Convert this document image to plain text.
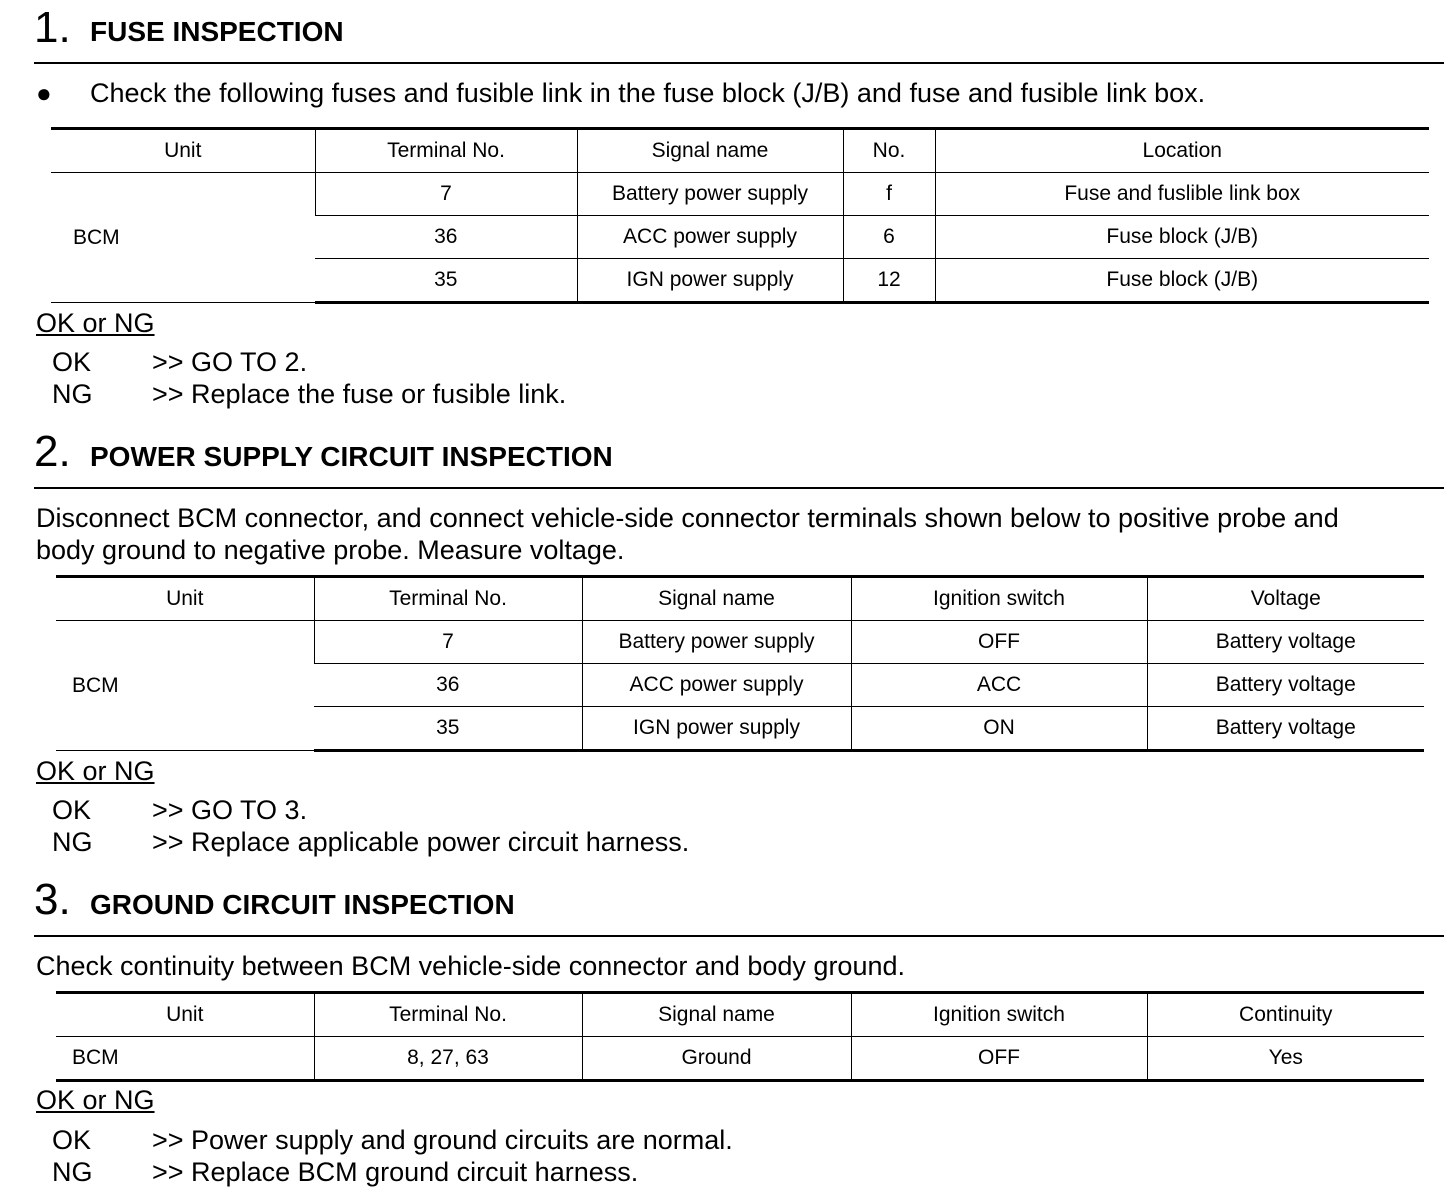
1. FUSE INSPECTION
● Check the following fuses and fusible link in the fuse block (J/B) and fuse and fusible link box.
Unit	Terminal No.	Signal name	No.	Location
BCM	7	Battery power supply	f	Fuse and fuslible link box
	36	ACC power supply	6	Fuse block (J/B)
	35	IGN power supply	12	Fuse block (J/B)
OK or NG
OK >> GO TO 2.
NG >> Replace the fuse or fusible link.
2. POWER SUPPLY CIRCUIT INSPECTION
Disconnect BCM connector, and connect vehicle-side connector terminals shown below to positive probe and
body ground to negative probe. Measure voltage.
Unit	Terminal No.	Signal name	Ignition switch	Voltage
BCM	7	Battery power supply	OFF	Battery voltage
	36	ACC power supply	ACC	Battery voltage
	35	IGN power supply	ON	Battery voltage
OK or NG
OK >> GO TO 3.
NG >> Replace applicable power circuit harness.
3. GROUND CIRCUIT INSPECTION
Check continuity between BCM vehicle-side connector and body ground.
Unit	Terminal No.	Signal name	Ignition switch	Continuity
BCM	8, 27, 63	Ground	OFF	Yes
OK or NG
OK >> Power supply and ground circuits are normal.
NG >> Replace BCM ground circuit harness.
